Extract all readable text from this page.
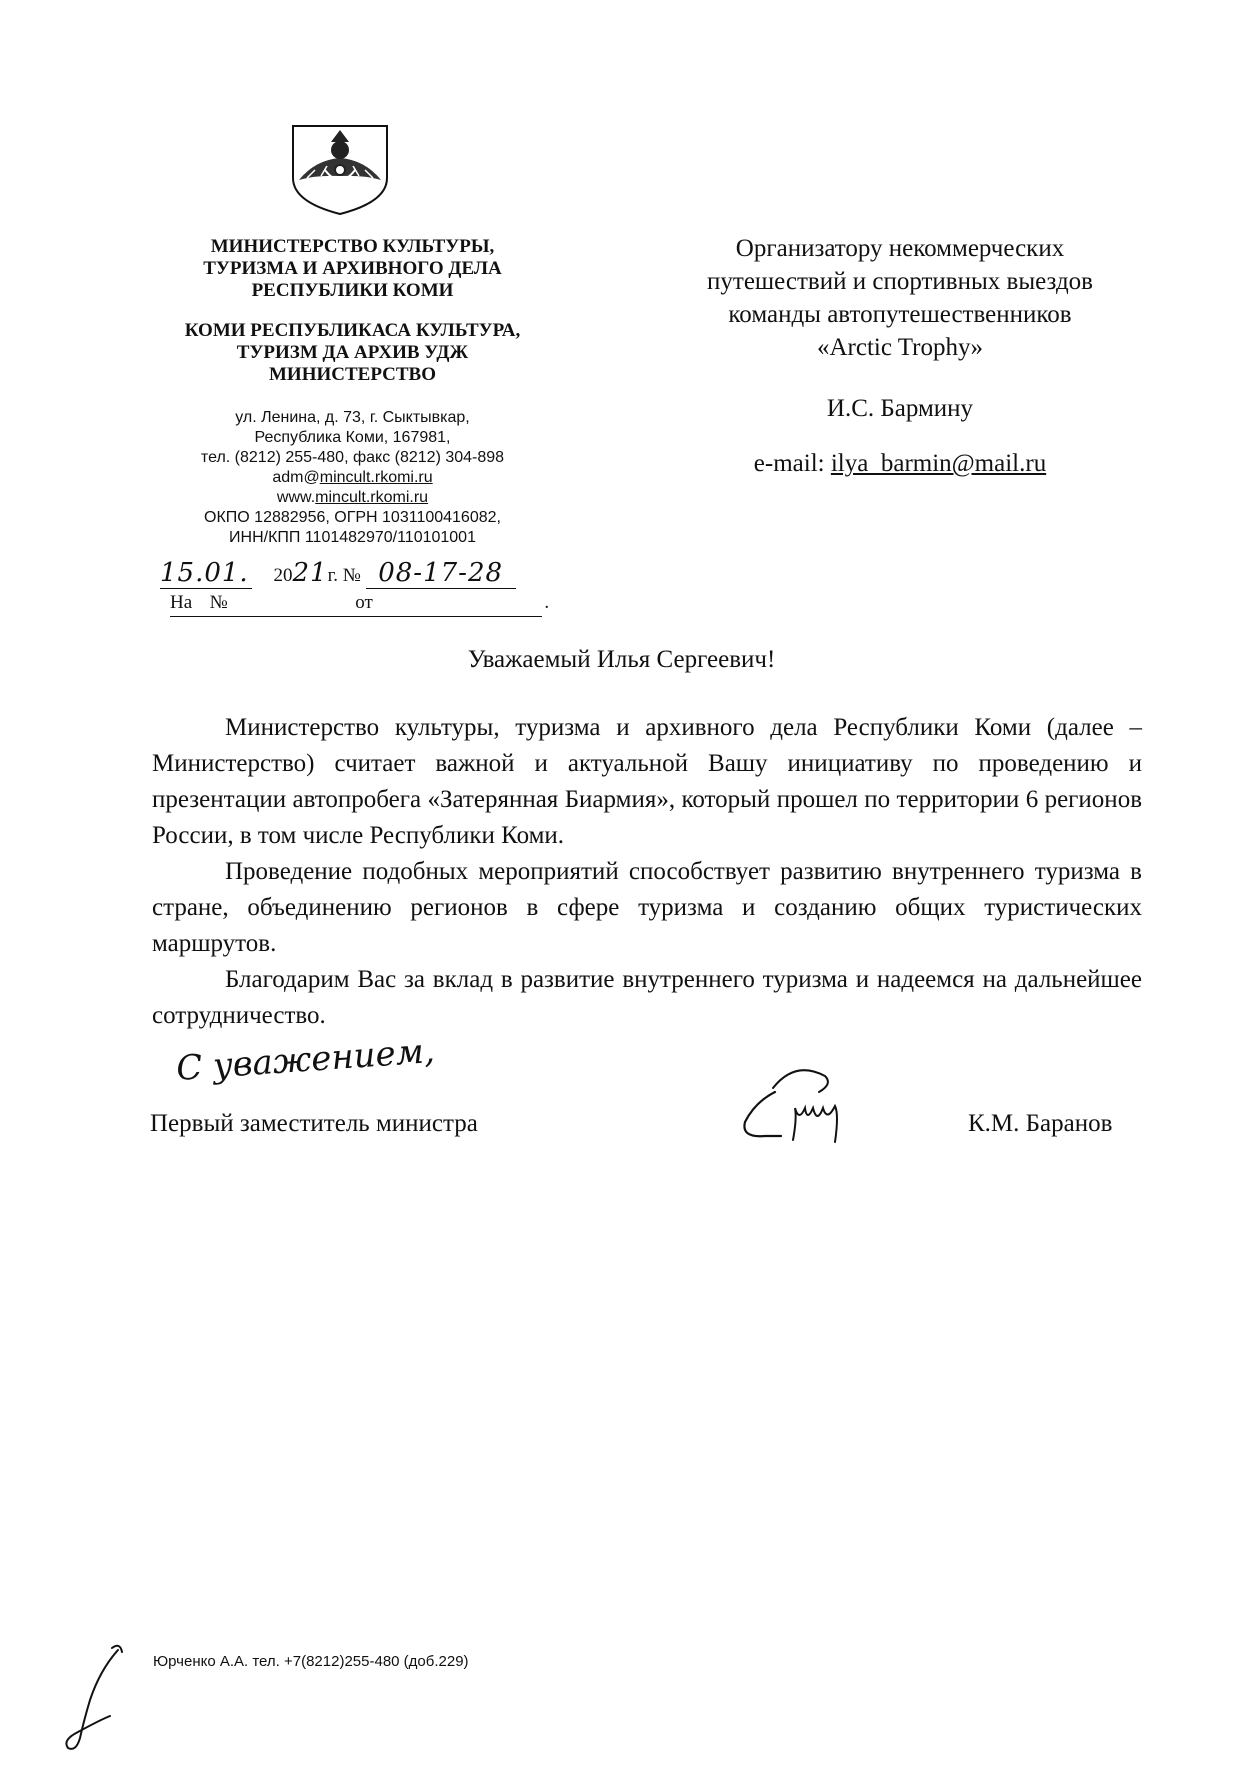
МИНИСТЕРСТВО КУЛЬТУРЫ,
ТУРИЗМА И АРХИВНОГО ДЕЛА
РЕСПУБЛИКИ КОМИ
КОМИ РЕСПУБЛИКАСА КУЛЬТУРА,
ТУРИЗМ ДА АРХИВ УДЖ
МИНИСТЕРСТВО
ул. Ленина, д. 73, г. Сыктывкар,
Республика Коми, 167981,
тел. (8212) 255-480, факс (8212) 304-898
adm@mincult.rkomi.ru
www.mincult.rkomi.ru
ОКПО 12882956, ОГРН 1031100416082,
ИНН/КПП 1101482970/110101001
15.01. 2021г. № 08-17-28
На №	от	.
Организатору некоммерческих
путешествий и спортивных выездов
команды автопутешественников
«Arctic Trophy»
И.С. Бармину
e-mail: ilya_barmin@mail.ru
Уважаемый Илья Сергеевич!

Министерство культуры, туризма и архивного дела Республики Коми (далее – Министерство) считает важной и актуальной Вашу инициативу по проведению и презентации автопробега «Затерянная Биармия», который прошел по территории 6 регионов России, в том числе Республики Коми.

Проведение подобных мероприятий способствует развитию внутреннего туризма в стране, объединению регионов в сфере туризма и созданию общих туристических маршрутов.

Благодарим Вас за вклад в развитие внутреннего туризма и надеемся на дальнейшее сотрудничество.

С уважением,
Первый заместитель министра	К.М. Баранов
Юрченко А.А. тел. +7(8212)255-480 (доб.229)
